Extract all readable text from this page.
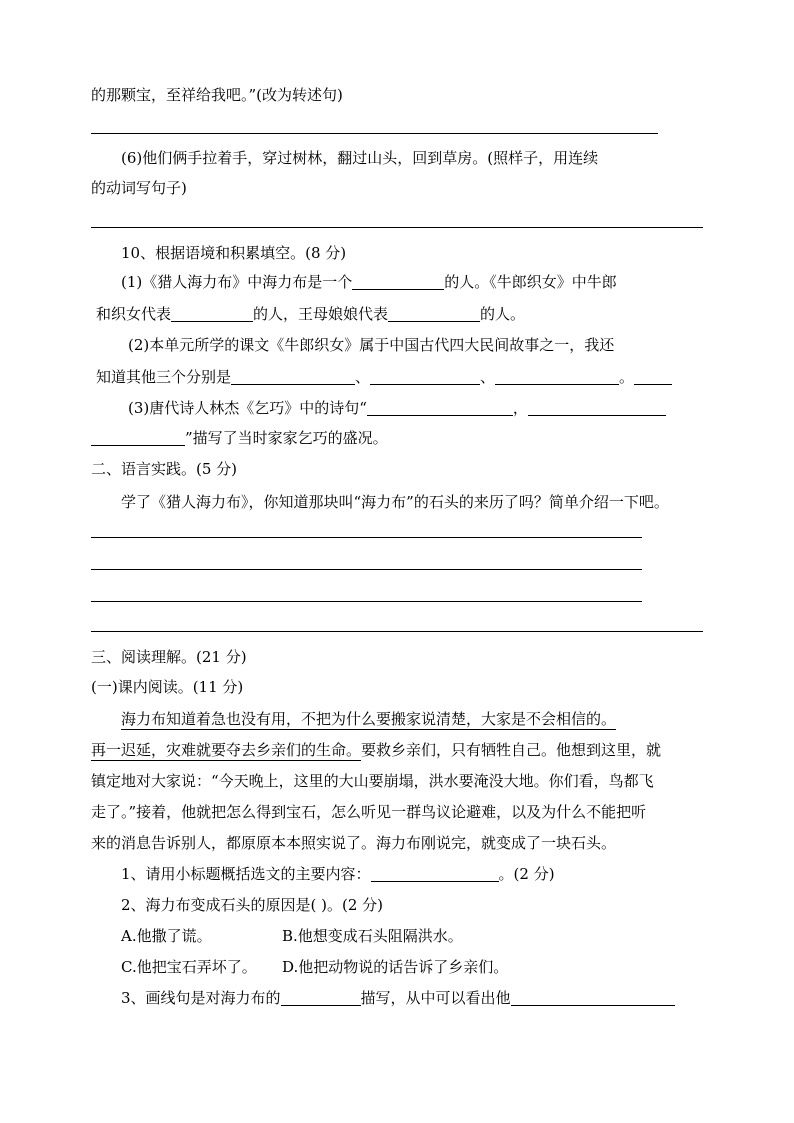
的那颗宝，至祥给我吧。”(改为转述句)
(6)他们俩手拉着手，穿过树林，翻过山头，回到草房。(照样子，用连续
的动词写句子)
10、根据语境和积累填空。(8 分)
(1)《猎人海力布》中海力布是一个	的人。《牛郎织女》中牛郎
和织女代表	的人，王母娘娘代表	的人。
(2)本单元所学的课文《牛郎织女》属于中国古代四大民间故事之一，我还
知道其他三个分别是	、	、	。
(3)唐代诗人林杰《乞巧》中的诗句“	，
”描写了当时家家乞巧的盛况。
二、语言实践。(5 分)
学了《猎人海力布》，你知道那块叫“海力布”的石头的来历了吗？简单介绍一下吧。
三、阅读理解。(21 分)
(一)课内阅读。(11 分)
海力布知道着急也没有用，不把为什么要搬家说清楚，大家是不会相信的。
再一迟延，灾难就要夺去乡亲们的生命。要救乡亲们，只有牺牲自己。他想到这里，就
镇定地对大家说：“今天晚上，这里的大山要崩塌，洪水要淹没大地。你们看，鸟都飞
走了。”接着，他就把怎么得到宝石，怎么听见一群鸟议论避难，以及为什么不能把听
来的消息告诉别人，都原原本本照实说了。海力布刚说完，就变成了一块石头。
1、请用小标题概括选文的主要内容：	。(2 分)
2、海力布变成石头的原因是( )。(2 分)
A.他撒了谎。	B.他想变成石头阻隔洪水。
C.他把宝石弄坏了。 D.他把动物说的话告诉了乡亲们。
3、画线句是对海力布的	描写，从中可以看出他
